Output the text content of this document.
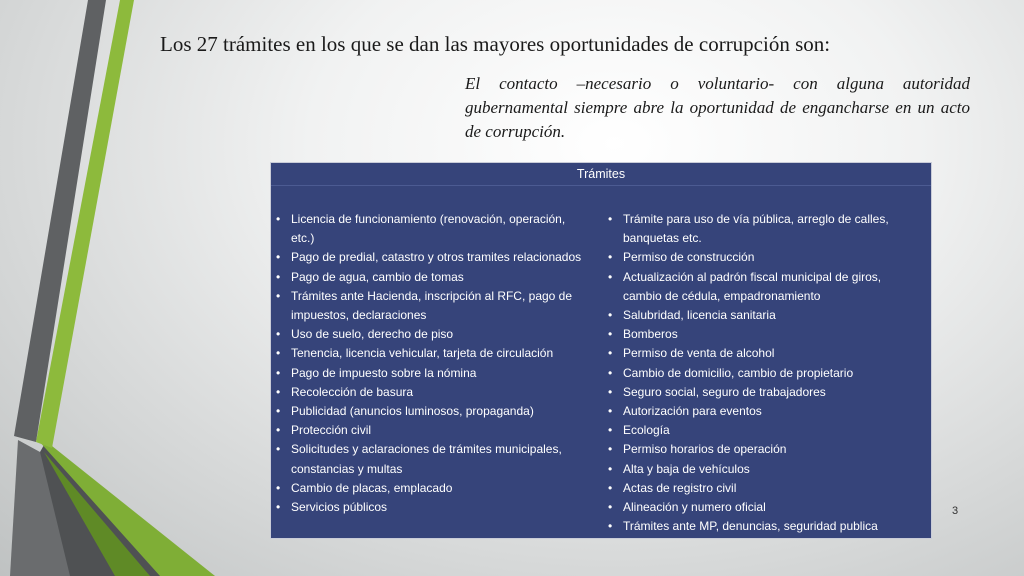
Los 27 trámites en los que se dan las mayores oportunidades de corrupción son:
El contacto –necesario o voluntario- con alguna autoridad gubernamental siempre abre la oportunidad de engancharse en un acto de corrupción.
Trámites
• Licencia de funcionamiento (renovación, operación, etc.)
• Pago de predial, catastro y otros tramites relacionados
• Pago de agua, cambio de tomas
• Trámites ante Hacienda, inscripción al RFC, pago de impuestos, declaraciones
• Uso de suelo, derecho de piso
• Tenencia, licencia vehicular, tarjeta de circulación
• Pago de impuesto sobre la nómina
• Recolección de basura
• Publicidad (anuncios luminosos, propaganda)
• Protección civil
• Solicitudes y aclaraciones de trámites municipales, constancias y multas
• Cambio de placas, emplacado
• Servicios públicos
• Trámite para uso de vía pública, arreglo de calles, banquetas etc.
• Permiso de construcción
• Actualización al padrón fiscal municipal de giros, cambio de cédula, empadronamiento
• Salubridad, licencia sanitaria
• Bomberos
• Permiso de venta de alcohol
• Cambio de domicilio, cambio de propietario
• Seguro social, seguro de trabajadores
• Autorización para eventos
• Ecología
• Permiso horarios de operación
• Alta y baja de vehículos
• Actas de registro civil
• Alineación y numero oficial
• Trámites ante MP, denuncias, seguridad publica
3
